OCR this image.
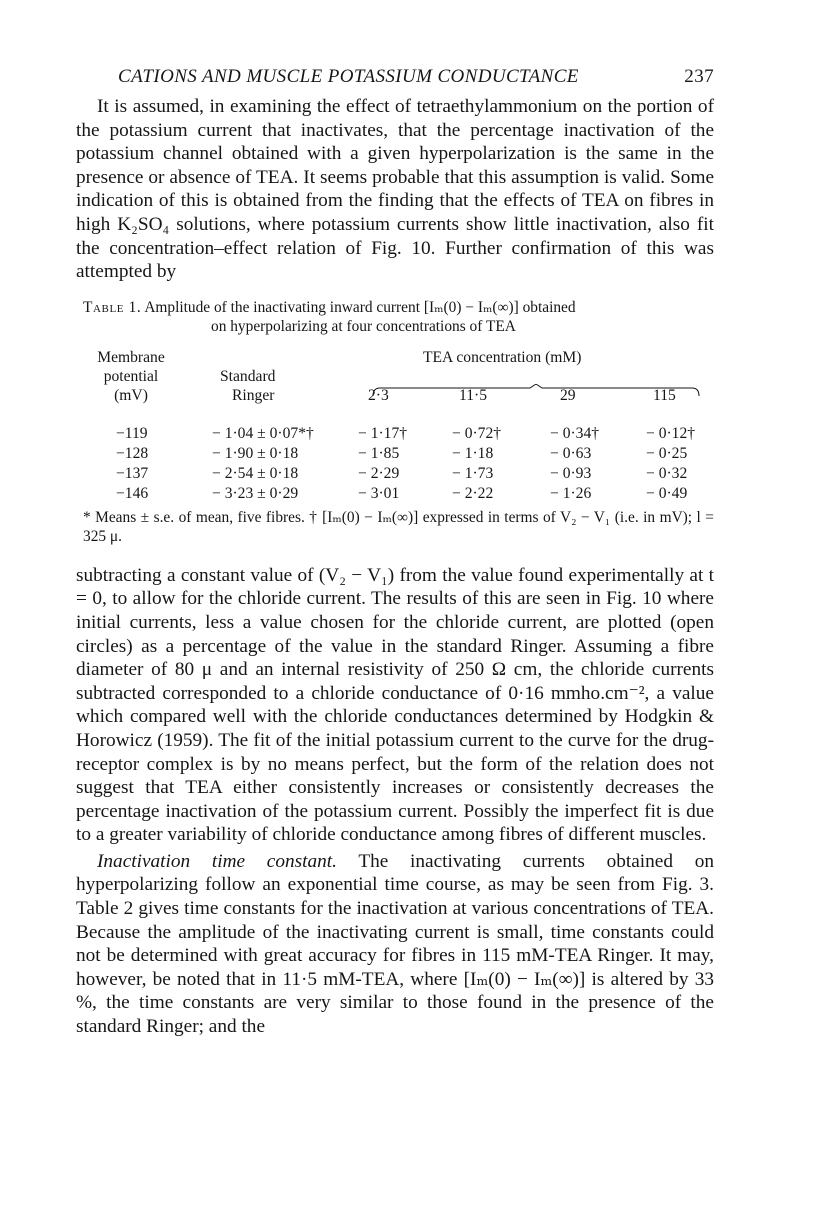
CATIONS AND MUSCLE POTASSIUM CONDUCTANCE	237

It is assumed, in examining the effect of tetraethylammonium on the portion of the potassium current that inactivates, that the percentage inactivation of the potassium channel obtained with a given hyperpolarization is the same in the presence or absence of TEA. It seems probable that this assumption is valid. Some indication of this is obtained from the finding that the effects of TEA on fibres in high K₂SO₄ solutions, where potassium currents show little inactivation, also fit the concentration–effect relation of Fig. 10. Further confirmation of this was attempted by

Table 1. Amplitude of the inactivating inward current [Iₘ(0) − Iₘ(∞)] obtained
on hyperpolarizing at four concentrations of TEA
Membrane
potential
(mV)
Standard
Ringer
TEA concentration (mM)
2·3	11·5	29	115
−119	− 1·04 ± 0·07*†	− 1·17†	− 0·72†	− 0·34†	− 0·12†
−128	− 1·90 ± 0·18	− 1·85	− 1·18	− 0·63	− 0·25
−137	− 2·54 ± 0·18	− 2·29	− 1·73	− 0·93	− 0·32
−146	− 3·23 ± 0·29	− 3·01	− 2·22	− 1·26	− 0·49
* Means ± s.e. of mean, five fibres. † [Iₘ(0) − Iₘ(∞)] expressed in terms of V₂ − V₁ (i.e. in mV); l = 325 μ.

subtracting a constant value of (V₂ − V₁) from the value found experimentally at t = 0, to allow for the chloride current. The results of this are seen in Fig. 10 where initial currents, less a value chosen for the chloride current, are plotted (open circles) as a percentage of the value in the standard Ringer. Assuming a fibre diameter of 80 μ and an internal resistivity of 250 Ω cm, the chloride currents subtracted corresponded to a chloride conductance of 0·16 mmho.cm⁻², a value which compared well with the chloride conductances determined by Hodgkin & Horowicz (1959). The fit of the initial potassium current to the curve for the drug-receptor complex is by no means perfect, but the form of the relation does not suggest that TEA either consistently increases or consistently decreases the percentage inactivation of the potassium current. Possibly the imperfect fit is due to a greater variability of chloride conductance among fibres of different muscles.

Inactivation time constant. The inactivating currents obtained on hyperpolarizing follow an exponential time course, as may be seen from Fig. 3. Table 2 gives time constants for the inactivation at various concentrations of TEA. Because the amplitude of the inactivating current is small, time constants could not be determined with great accuracy for fibres in 115 mM-TEA Ringer. It may, however, be noted that in 11·5 mM-TEA, where [Iₘ(0) − Iₘ(∞)] is altered by 33 %, the time constants are very similar to those found in the presence of the standard Ringer; and the
